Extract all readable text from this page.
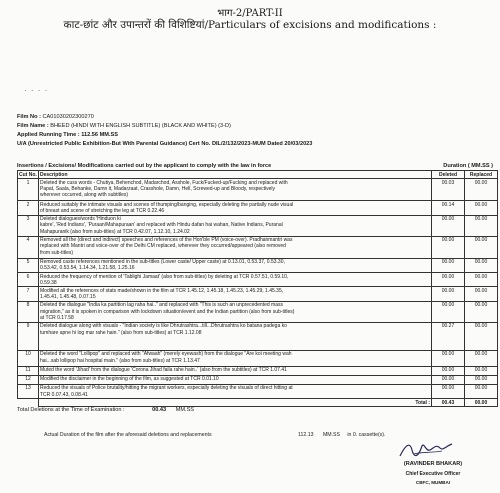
भाग-2/PART-II
काट-छांट और उपान्तरों की विशिष्टियां/Particulars of excisions and modifications :
· · · ·
Film No : CA01030202300270
Film Name : BHEED (HINDI WITH ENGLISH SUBTITLE) (BLACK AND WHITE) (3-D)
Applied Running Time : 112.56 MM.SS
U/A (Unrestricted Public Exhibition-But With Parental Guidance) Cert No. DIL/2/132/2023-MUM Dated 20/03/2023
Insertions / Excisions/ Modifications carried out by the applicant to comply with the law in force	Duration ( MM.SS )
Cut No.	Description	Deleted	Replaced
1	Deleted the cuss words - Chutiya, Behenchod, Madarchod, Asshole, Fuck/Fucked-up/Fucking and replaced with
Papat, Saala, Behanke, Damn it, Madarzaat, Crasshole, Damn, Hell, Screwed-up and Bloody, respectively
wherever occurred, along with subtitles)	00.03	00.00
2	Reduced suitably the intimate visuals and scenes of thumping/banging, especially deleting the partially nude visual
of breast and scene of stretching the leg at TCR 0.22.46	00.14	00.00
3	Deleted dialogues/words 'Hinduon ki
kabre', 'Red Indians', 'Puraan/Mahapuraan' and replaced with Hindu dafan hai wahan, Native Indians, Puranal
Mahapuranik (also from sub-titles) at TCR 0.42.07, 1.12.10, 1.24.02	00.00	00.00
4	Removed all the (direct and indirect) speeches and references of the Hon'ble PM (voice-over). Pradhanmantri was
replaced with Mantri and voice-over of the Delhi CM replaced, wherever they occurred/appeared (also removed
from sub-titles)	00.00	00.00
5	Removed caste references mentioned in the sub-titles (Lower caste/ Upper caste) at 0.13.01, 0.53.37, 0.53.30,
0.53.42, 0.53.54, 1.14.34, 1.21.58, 1.25.16	00.00	00.00
6	Reduced the frequency of mention of 'Tablighi Jamaat' (also from sub-titles) by deleting at TCR 0.57.51, 0.59.10,
0.59.38	00.00	00.00
7	Modified all the references of stats made/shown in the film at TCR 1.45.12, 1.45.18, 1.45.23, 1.45.29, 1.45.35,
1.45.41, 1.45.48, 0.07.15	00.00	00.00
8	Deleted the dialogue "India ka partition lag raha hai.." and replaced with "This is such an unprecedented mass
migration," as it is spoken in comparison with lockdown situation/event and the Indian partition (also from sub-titles)
at TCR 0.17.58	00.00	00.00
9	Deleted dialogue along with visuals - "Indian society is like Dhrutrashtra...till...Dhrutrashtra ko batana padega ko
tumhare apne hi log mar rahe hain." (also from sub-titles) at TCR 1.12.08	00.27	00.00
10	Deleted the word "Lollipop" and replaced with "Afwaah" (merely eyewash) from the dialogue "Are koi meeting wah
hai...sab lollipop hai hospital main." (also from sub-titles) at TCR 1.13.47	00.00	00.00
11	Muted the word 'Jihad' from the dialogue 'Corona Jihad faila rahe hain..' (also from the subtitles) at TCR 1.07.41	00.00	00.00
12	Modified the disclaimer in the beginning of the film, as suggested at TCR 0.01.10	00.00	00.00
13	Reduced the visuals of Police brutality/hitting the migrant workers, especially deleting the visuals of direct hitting at
TCR 0.07.43, 0.08.41	00.00	00.00
	Total :	00.43	00.00
Total Deletions at the Time of Examination :	00.43 MM.SS
Actual Duration of the film after the aforesaid deletions and replacements	112.13 MM.SS in 0. cassette(s).
(RAVINDER BHAKAR)
Chief Executive Officer
CBFC, MUMBAI
